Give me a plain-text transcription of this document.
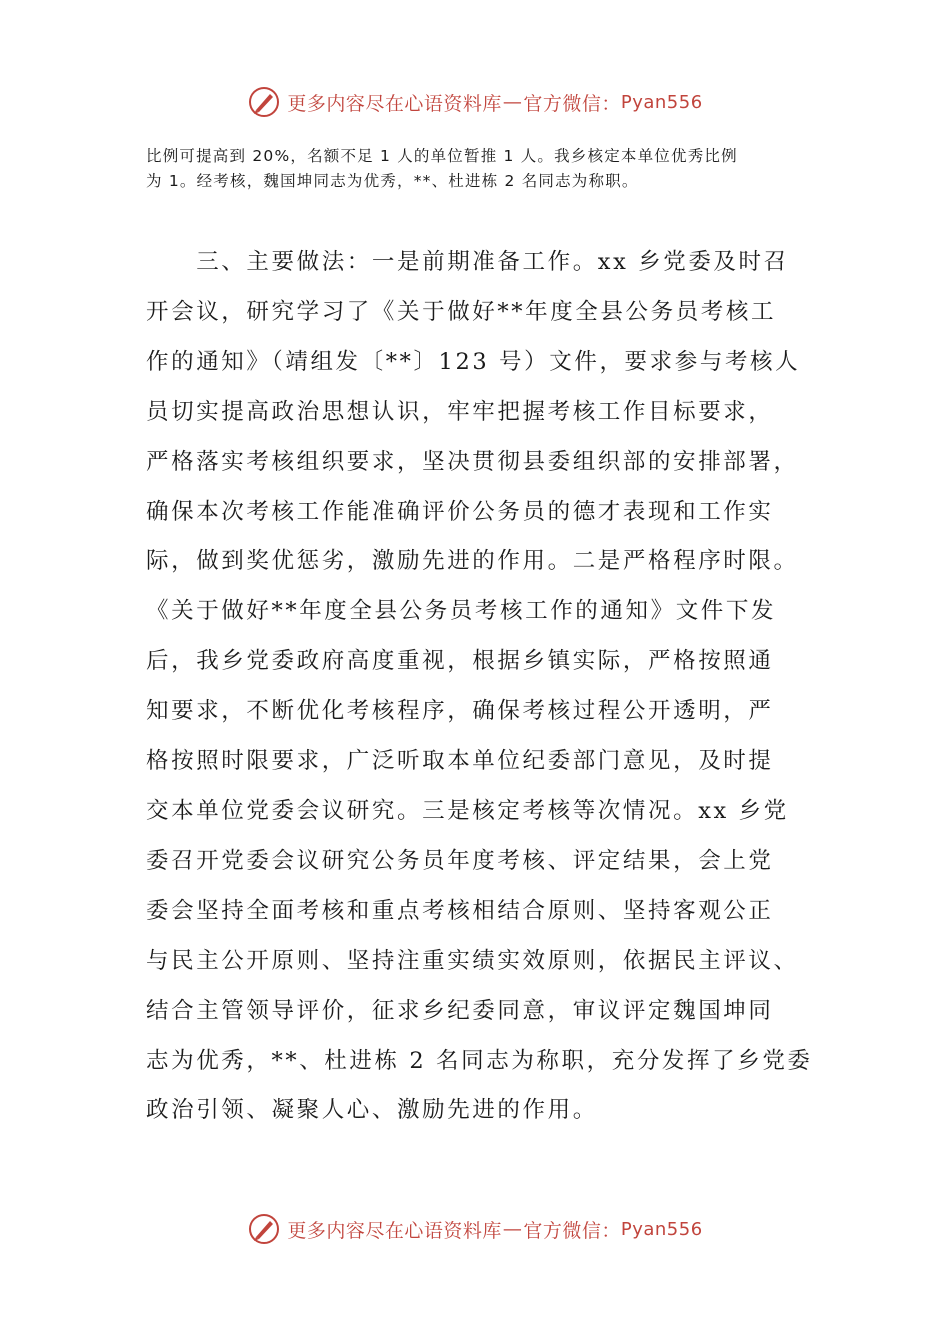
更多内容尽在心语资料库 — 官方微信： Pyan556

比例可提高到 20%，名额不足 1 人的单位暂推 1 人。我乡核定本单位优秀比例

为 1。经考核，魏国坤同志为优秀，**、杜进栋 2 名同志为称职。

　　三、主要做法：一是前期准备工作。xx 乡党委及时召

开会议，研究学习了《关于做好**年度全县公务员考核工

作的通知》（靖组发〔**〕123 号）文件，要求参与考核人

员切实提高政治思想认识，牢牢把握考核工作目标要求，

严格落实考核组织要求，坚决贯彻县委组织部的安排部署，

确保本次考核工作能准确评价公务员的德才表现和工作实

际，做到奖优惩劣，激励先进的作用。二是严格程序时限。

《关于做好**年度全县公务员考核工作的通知》文件下发

后，我乡党委政府高度重视，根据乡镇实际，严格按照通

知要求，不断优化考核程序，确保考核过程公开透明，严

格按照时限要求，广泛听取本单位纪委部门意见，及时提

交本单位党委会议研究。三是核定考核等次情况。xx 乡党

委召开党委会议研究公务员年度考核、评定结果，会上党

委会坚持全面考核和重点考核相结合原则、坚持客观公正

与民主公开原则、坚持注重实绩实效原则，依据民主评议、

结合主管领导评价，征求乡纪委同意，审议评定魏国坤同

志为优秀，**、杜进栋 2 名同志为称职，充分发挥了乡党委

政治引领、凝聚人心、激励先进的作用。

更多内容尽在心语资料库 — 官方微信： Pyan556
